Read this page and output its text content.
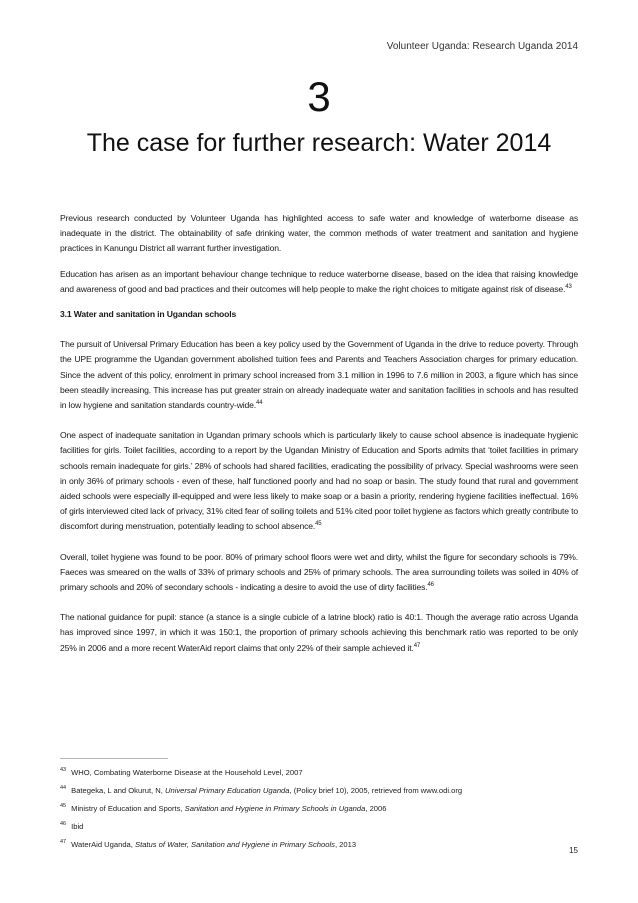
Volunteer Uganda: Research Uganda 2014
3
The case for further research: Water 2014

Previous research conducted by Volunteer Uganda has highlighted access to safe water and knowledge of waterborne disease as inadequate in the district. The obtainability of safe drinking water, the common methods of water treatment and sanitation and hygiene practices in Kanungu District all warrant further investigation.

Education has arisen as an important behaviour change technique to reduce waterborne disease, based on the idea that raising knowledge and awareness of good and bad practices and their outcomes will help people to make the right choices to mitigate against risk of disease.$^{43}$

3.1 Water and sanitation in Ugandan schools

The pursuit of Universal Primary Education has been a key policy used by the Government of Uganda in the drive to reduce poverty. Through the UPE programme the Ugandan government abolished tuition fees and Parents and Teachers Association charges for primary education. Since the advent of this policy, enrolment in primary school increased from 3.1 million in 1996 to 7.6 million in 2003, a figure which has since been steadily increasing. This increase has put greater strain on already inadequate water and sanitation facilities in schools and has resulted in low hygiene and sanitation standards country-wide.$^{44}$

One aspect of inadequate sanitation in Ugandan primary schools which is particularly likely to cause school absence is inadequate hygienic facilities for girls. Toilet facilities, according to a report by the Ugandan Ministry of Education and Sports admits that ‘toilet facilities in primary schools remain inadequate for girls.’ 28% of schools had shared facilities, eradicating the possibility of privacy. Special washrooms were seen in only 36% of primary schools - even of these, half functioned poorly and had no soap or basin. The study found that rural and government aided schools were especially ill-equipped and were less likely to make soap or a basin a priority, rendering hygiene facilities ineffectual. 16% of girls interviewed cited lack of privacy, 31% cited fear of soiling toilets and 51% cited poor toilet hygiene as factors which greatly contribute to discomfort during menstruation, potentially leading to school absence.$^{45}$

Overall, toilet hygiene was found to be poor. 80% of primary school floors were wet and dirty, whilst the figure for secondary schools is 79%. Faeces was smeared on the walls of 33% of primary schools and 25% of primary schools. The area surrounding toilets was soiled in 40% of primary schools and 20% of secondary schools - indicating a desire to avoid the use of dirty facilities.$^{46}$

The national guidance for pupil: stance (a stance is a single cubicle of a latrine block) ratio is 40:1. Though the average ratio across Uganda has improved since 1997, in which it was 150:1, the proportion of primary schools achieving this benchmark ratio was reported to be only 25% in 2006 and a more recent WaterAid report claims that only 22% of their sample achieved it.$^{47}$

$^{43}$ WHO, Combating Waterborne Disease at the Household Level, 2007
$^{44}$ Bategeka, L and Okurut, N, Universal Primary Education Uganda, (Policy brief 10), 2005, retrieved from www.odi.org
$^{45}$ Ministry of Education and Sports, Sanitation and Hygiene in Primary Schools in Uganda, 2006
$^{46}$ Ibid
$^{47}$ WaterAid Uganda, Status of Water, Sanitation and Hygiene in Primary Schools, 2013
15
